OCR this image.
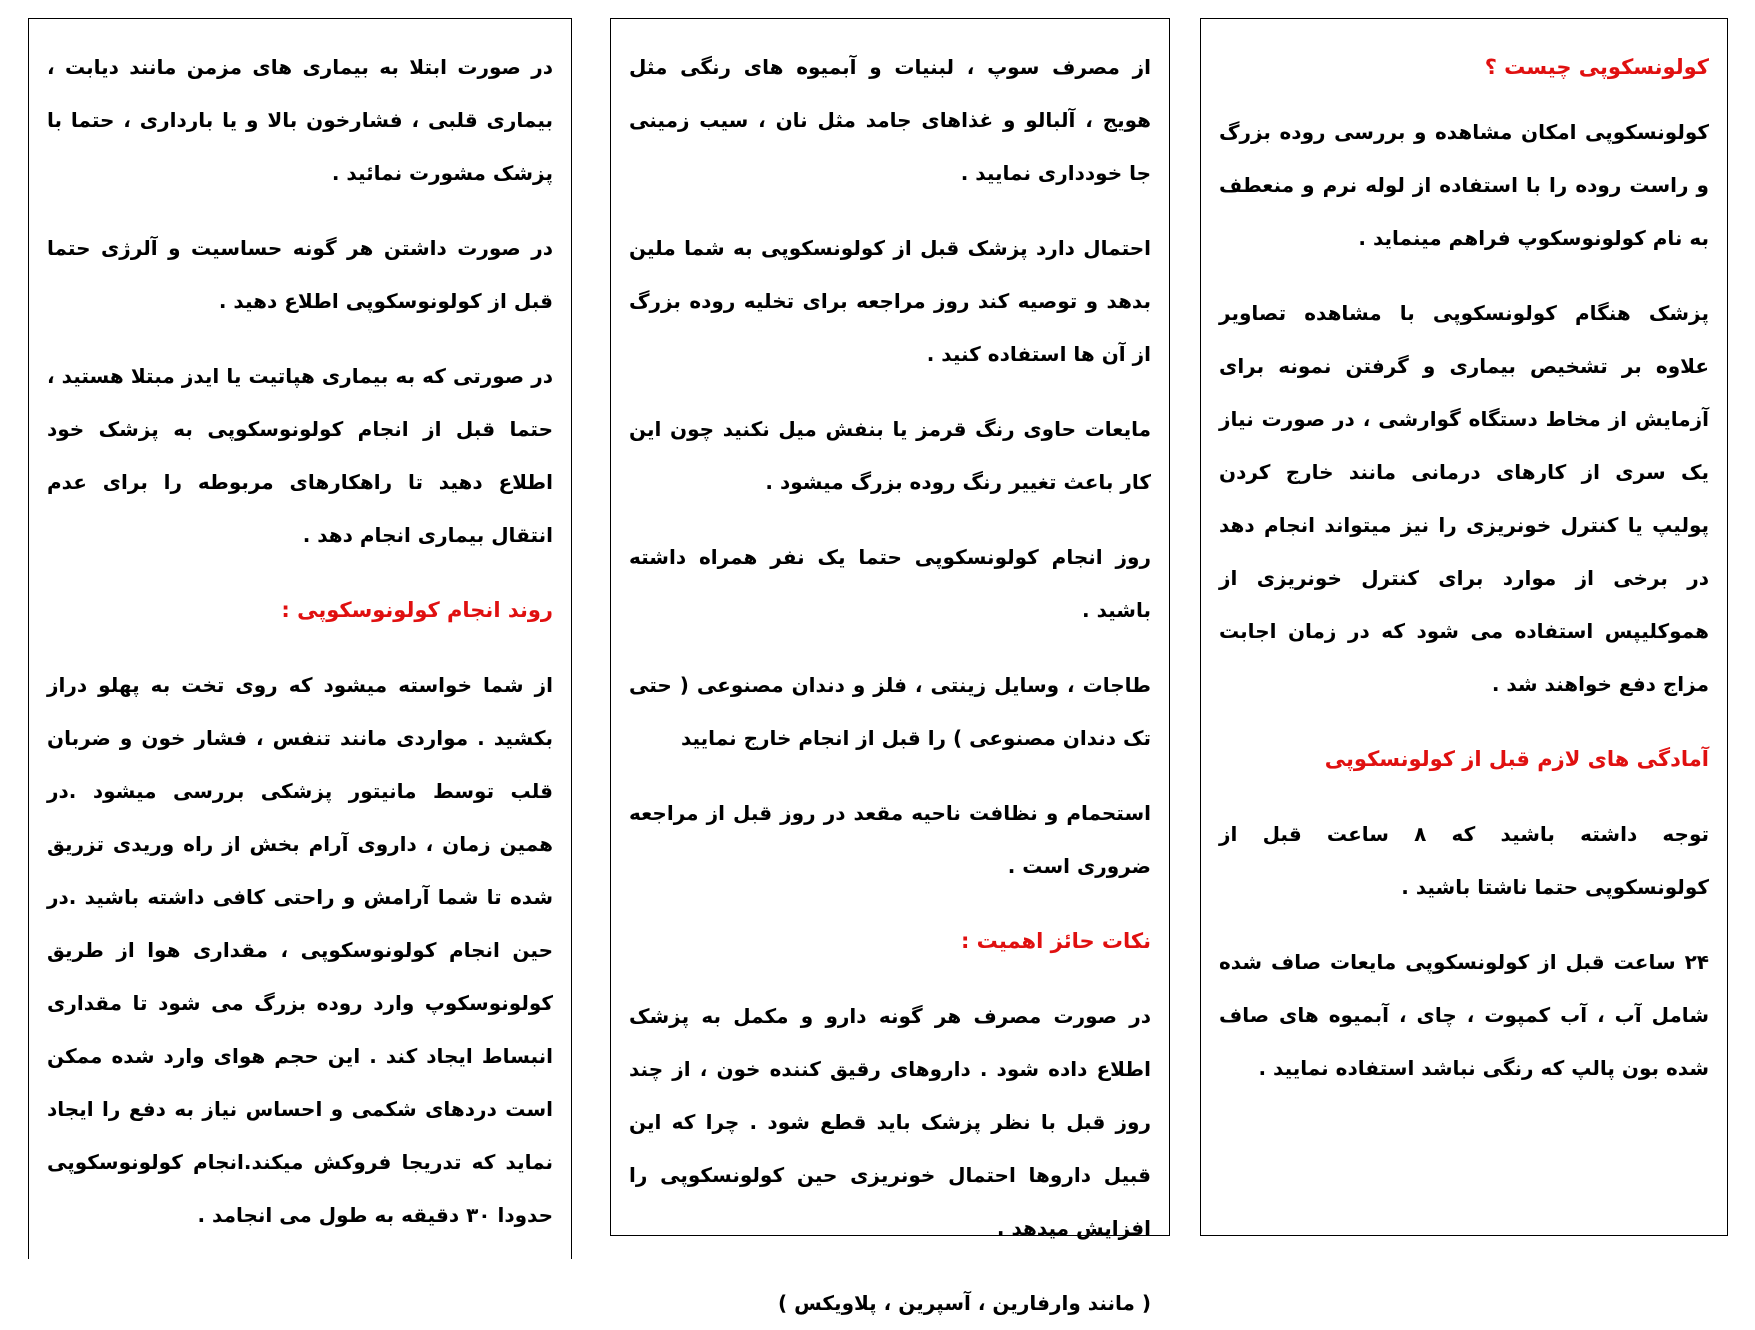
کولونسکوپی چیست ؟

کولونسکوپی امکان مشاهده و بررسی روده بزرگ و راست روده را با استفاده از لوله نرم و منعطف به نام کولونوسکوپ فراهم مینماید .

پزشک هنگام کولونسکوپی با مشاهده تصاویر علاوه بر تشخیص بیماری و گرفتن نمونه برای آزمایش از مخاط دستگاه گوارشی ، در صورت نیاز یک سری از کارهای درمانی مانند خارج کردن پولیپ یا کنترل خونریزی را نیز میتواند انجام دهد در برخی از موارد برای کنترل خونریزی از هموکلیپس استفاده می شود که در زمان اجابت مزاج دفع خواهند شد .

آمادگی های لازم قبل از کولونسکوپی

توجه داشته باشید که ۸ ساعت قبل از کولونسکوپی حتما ناشتا باشید .

۲۴ ساعت قبل از کولونسکوپی مایعات صاف شده شامل آب ، آب کمپوت ، چای ، آبمیوه های صاف شده بون پالپ که رنگی نباشد استفاده نمایید .

از مصرف سوپ ، لبنیات و آبمیوه های رنگی مثل هویج ، آلبالو و غذاهای جامد مثل نان ، سیب زمینی جا خودداری نمایید .

احتمال دارد پزشک قبل از کولونسکوپی به شما ملین بدهد و توصیه کند روز مراجعه برای تخلیه روده بزرگ از آن ها استفاده کنید .

مایعات حاوی رنگ قرمز یا بنفش میل نکنید چون این کار باعث تغییر رنگ روده بزرگ میشود .

روز انجام کولونسکوپی حتما یک نفر همراه داشته باشید .

طاجات ، وسایل زینتی ، فلز و دندان مصنوعی ( حتی تک دندان مصنوعی ) را قبل از انجام خارج نمایید

استحمام و نظافت ناحیه مقعد در روز قبل از مراجعه ضروری است .

نکات حائز اهمیت :

در صورت مصرف هر گونه دارو و مکمل به پزشک اطلاع داده شود . داروهای رقیق کننده خون ، از چند روز قبل با نظر پزشک باید قطع شود . چرا که این قبیل داروها احتمال خونریزی حین کولونسکوپی را افزایش میدهد .

( مانند وارفارین ، آسپرین ، پلاویکس )

در صورت ابتلا به بیماری های مزمن مانند دیابت ، بیماری قلبی ، فشارخون بالا و یا بارداری ، حتما با پزشک مشورت نمائید .

در صورت داشتن هر گونه حساسیت و آلرژی حتما قبل از کولونوسکوپی اطلاع دهید .

در صورتی که به بیماری هپاتیت یا ایدز مبتلا هستید ، حتما قبل از انجام کولونوسکوپی به پزشک خود اطلاع دهید تا راهکارهای مربوطه را برای عدم انتقال بیماری انجام دهد .

روند انجام کولونوسکوپی :

از شما خواسته میشود که روی تخت به پهلو دراز بکشید . مواردی مانند تنفس ، فشار خون و ضربان قلب توسط مانیتور پزشکی بررسی میشود .در همین زمان ، داروی آرام بخش از راه وریدی تزریق شده تا شما آرامش و راحتی کافی داشته باشید .در حین انجام کولونوسکوپی ، مقداری هوا از طریق کولونوسکوپ وارد روده بزرگ می شود تا مقداری انبساط ایجاد کند . این حجم هوای وارد شده ممکن است دردهای شکمی و احساس نیاز به دفع را ایجاد نماید که تدریجا فروکش میکند.انجام کولونوسکوپی حدودا ۳۰ دقیقه به طول می انجامد .
